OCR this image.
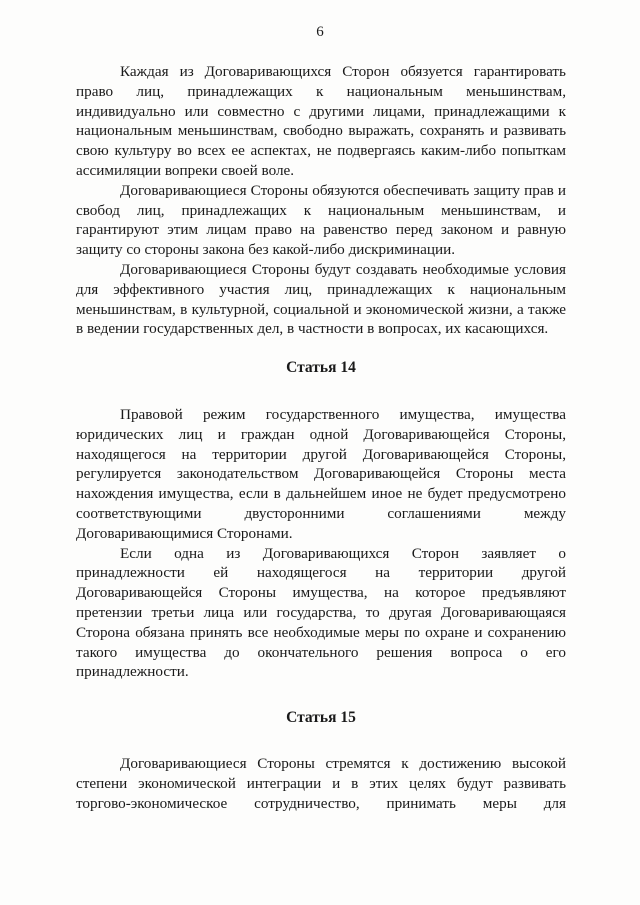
6

Каждая из Договаривающихся Сторон обязуется гарантировать право лиц, принадлежащих к национальным меньшинствам, индивидуально или совместно с другими лицами, принадлежащими к национальным меньшинствам, свободно выражать, сохранять и развивать свою культуру во всех ее аспектах, не подвергаясь каким-либо попыткам ассимиляции вопреки своей воле.

Договаривающиеся Стороны обязуются обеспечивать защиту прав и свобод лиц, принадлежащих к национальным меньшинствам, и гарантируют этим лицам право на равенство перед законом и равную защиту со стороны закона без какой-либо дискриминации.

Договаривающиеся Стороны будут создавать необходимые условия для эффективного участия лиц, принадлежащих к национальным меньшинствам, в культурной, социальной и экономической жизни, а также в ведении государственных дел, в частности в вопросах, их касающихся.

Статья 14

Правовой режим государственного имущества, имущества юридических лиц и граждан одной Договаривающейся Стороны, находящегося на территории другой Договаривающейся Стороны, регулируется законодательством Договаривающейся Стороны места нахождения имущества, если в дальнейшем иное не будет предусмотрено соответствующими двусторонними соглашениями между Договаривающимися Сторонами.

Если одна из Договаривающихся Сторон заявляет о принадлежности ей находящегося на территории другой Договаривающейся Стороны имущества, на которое предъявляют претензии третьи лица или государства, то другая Договаривающаяся Сторона обязана принять все необходимые меры по охране и сохранению такого имущества до окончательного решения вопроса о его принадлежности.

Статья 15

Договаривающиеся Стороны стремятся к достижению высокой степени экономической интеграции и в этих целях будут развивать торгово-экономическое сотрудничество, принимать меры для
